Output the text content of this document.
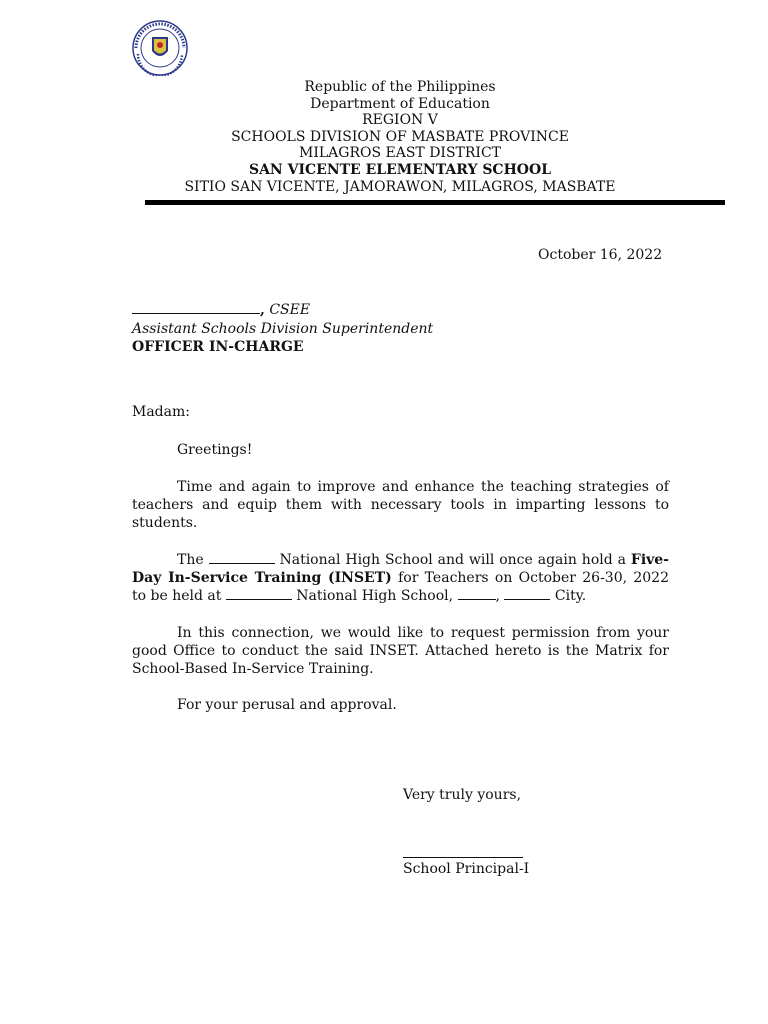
Republic of the Philippines
Department of Education
REGION V
SCHOOLS DIVISION OF MASBATE PROVINCE
MILAGROS EAST DISTRICT
SAN VICENTE ELEMENTARY SCHOOL
SITIO SAN VICENTE, JAMORAWON, MILAGROS, MASBATE
October 16, 2022
, CSEE
Assistant Schools Division Superintendent
OFFICER IN-CHARGE
Madam:
Greetings!
Time and again to improve and enhance the teaching strategies of teachers and equip them with necessary tools in imparting lessons to students.
The	National High School and will once again hold a Five-Day In-Service Training (INSET) for Teachers on October 26-30, 2022 to be held at	National High School,	,	City.
In this connection, we would like to request permission from your good Office to conduct the said INSET. Attached hereto is the Matrix for School-Based In-Service Training.
For your perusal and approval.
Very truly yours,
School Principal-I
